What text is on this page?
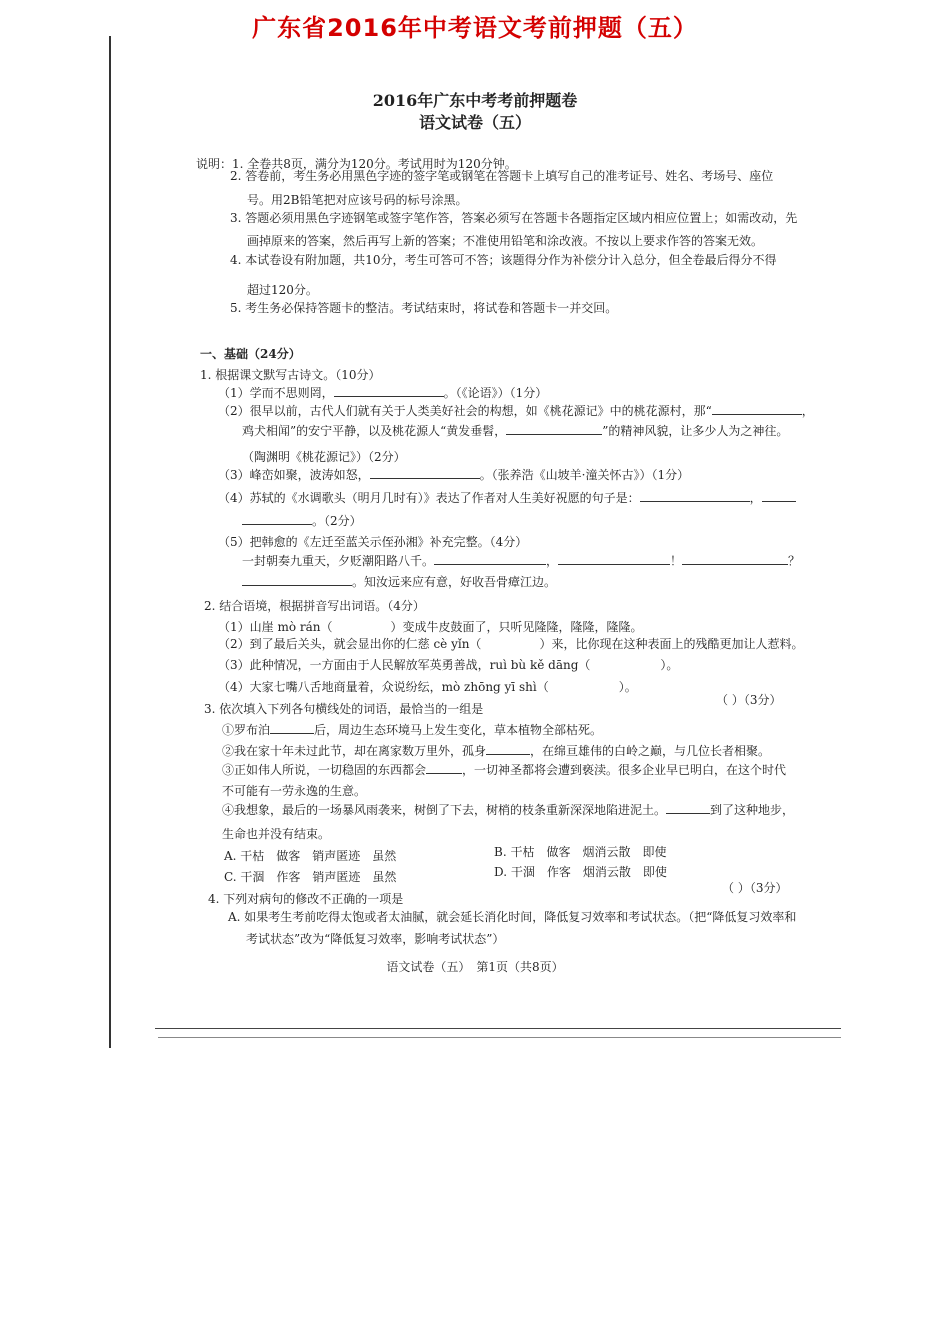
广东省2016年中考语文考前押题（五）
2016年广东中考考前押题卷
语文试卷（五）
说明：1. 全卷共8页，满分为120分。考试用时为120分钟。
2. 答卷前，考生务必用黑色字迹的签字笔或钢笔在答题卡上填写自己的准考证号、姓名、考场号、座位
号。用2B铅笔把对应该号码的标号涂黑。
3. 答题必须用黑色字迹钢笔或签字笔作答，答案必须写在答题卡各题指定区域内相应位置上；如需改动，先
画掉原来的答案，然后再写上新的答案；不准使用铅笔和涂改液。不按以上要求作答的答案无效。
4. 本试卷设有附加题，共10分，考生可答可不答；该题得分作为补偿分计入总分，但全卷最后得分不得
超过120分。
5. 考生务必保持答题卡的整洁。考试结束时，将试卷和答题卡一并交回。
一、基础（24分）
1. 根据课文默写古诗文。（10分）
（1）学而不思则罔，	。（《论语》）（1分）
（2）很早以前，古代人们就有关于人类美好社会的构想，如《桃花源记》中的桃花源村，那“	，
鸡犬相闻”的安宁平静，以及桃花源人“黄发垂髫，	”的精神风貌，让多少人为之神往。
（陶渊明《桃花源记》）（2分）
（3）峰峦如聚，波涛如怒，	。（张养浩《山坡羊·潼关怀古》）（1分）
（4）苏轼的《水调歌头（明月几时有）》表达了作者对人生美好祝愿的句子是：	，
。（2分）
（5）把韩愈的《左迁至蓝关示侄孙湘》补充完整。（4分）
一封朝奏九重天，夕贬潮阳路八千。	，	！	？
。知汝远来应有意，好收吾骨瘴江边。
2. 结合语境，根据拼音写出词语。（4分）
（1）山崖 mò rán（	）变成牛皮鼓面了，只听见隆隆，隆隆，隆隆。
（2）到了最后关头，就会显出你的仁慈 cè yǐn（	）来，比你现在这种表面上的残酷更加让人惹料。
（3）此种情况，一方面由于人民解放军英勇善战，ruì bù kě dāng（	）。
（4）大家七嘴八舌地商量着，众说纷纭，mò zhōng yī shì（	）。
3. 依次填入下列各句横线处的词语，最恰当的一组是
（ ）（3分）
①罗布泊	后，周边生态环境马上发生变化，草本植物全部枯死。
②我在家十年未过此节，却在离家数万里外，孤身	，在绵亘雄伟的白岭之巅，与几位长者相聚。
③正如伟人所说，一切稳固的东西都会	，一切神圣都将会遭到亵渎。很多企业早已明白，在这个时代
不可能有一劳永逸的生意。
④我想象，最后的一场暴风雨袭来，树倒了下去，树梢的枝条重新深深地陷进泥土。	到了这种地步，
生命也并没有结束。
A. 干枯　做客　销声匿迹　虽然	B. 干枯　做客　烟消云散　即使
C. 干涸　作客　销声匿迹　虽然	D. 干涸　作客　烟消云散　即使
4. 下列对病句的修改不正确的一项是
（ ）（3分）
A. 如果考生考前吃得太饱或者太油腻，就会延长消化时间，降低复习效率和考试状态。（把“降低复习效率和
考试状态”改为“降低复习效率，影响考试状态”）
语文试卷（五）　第1页（共8页）
